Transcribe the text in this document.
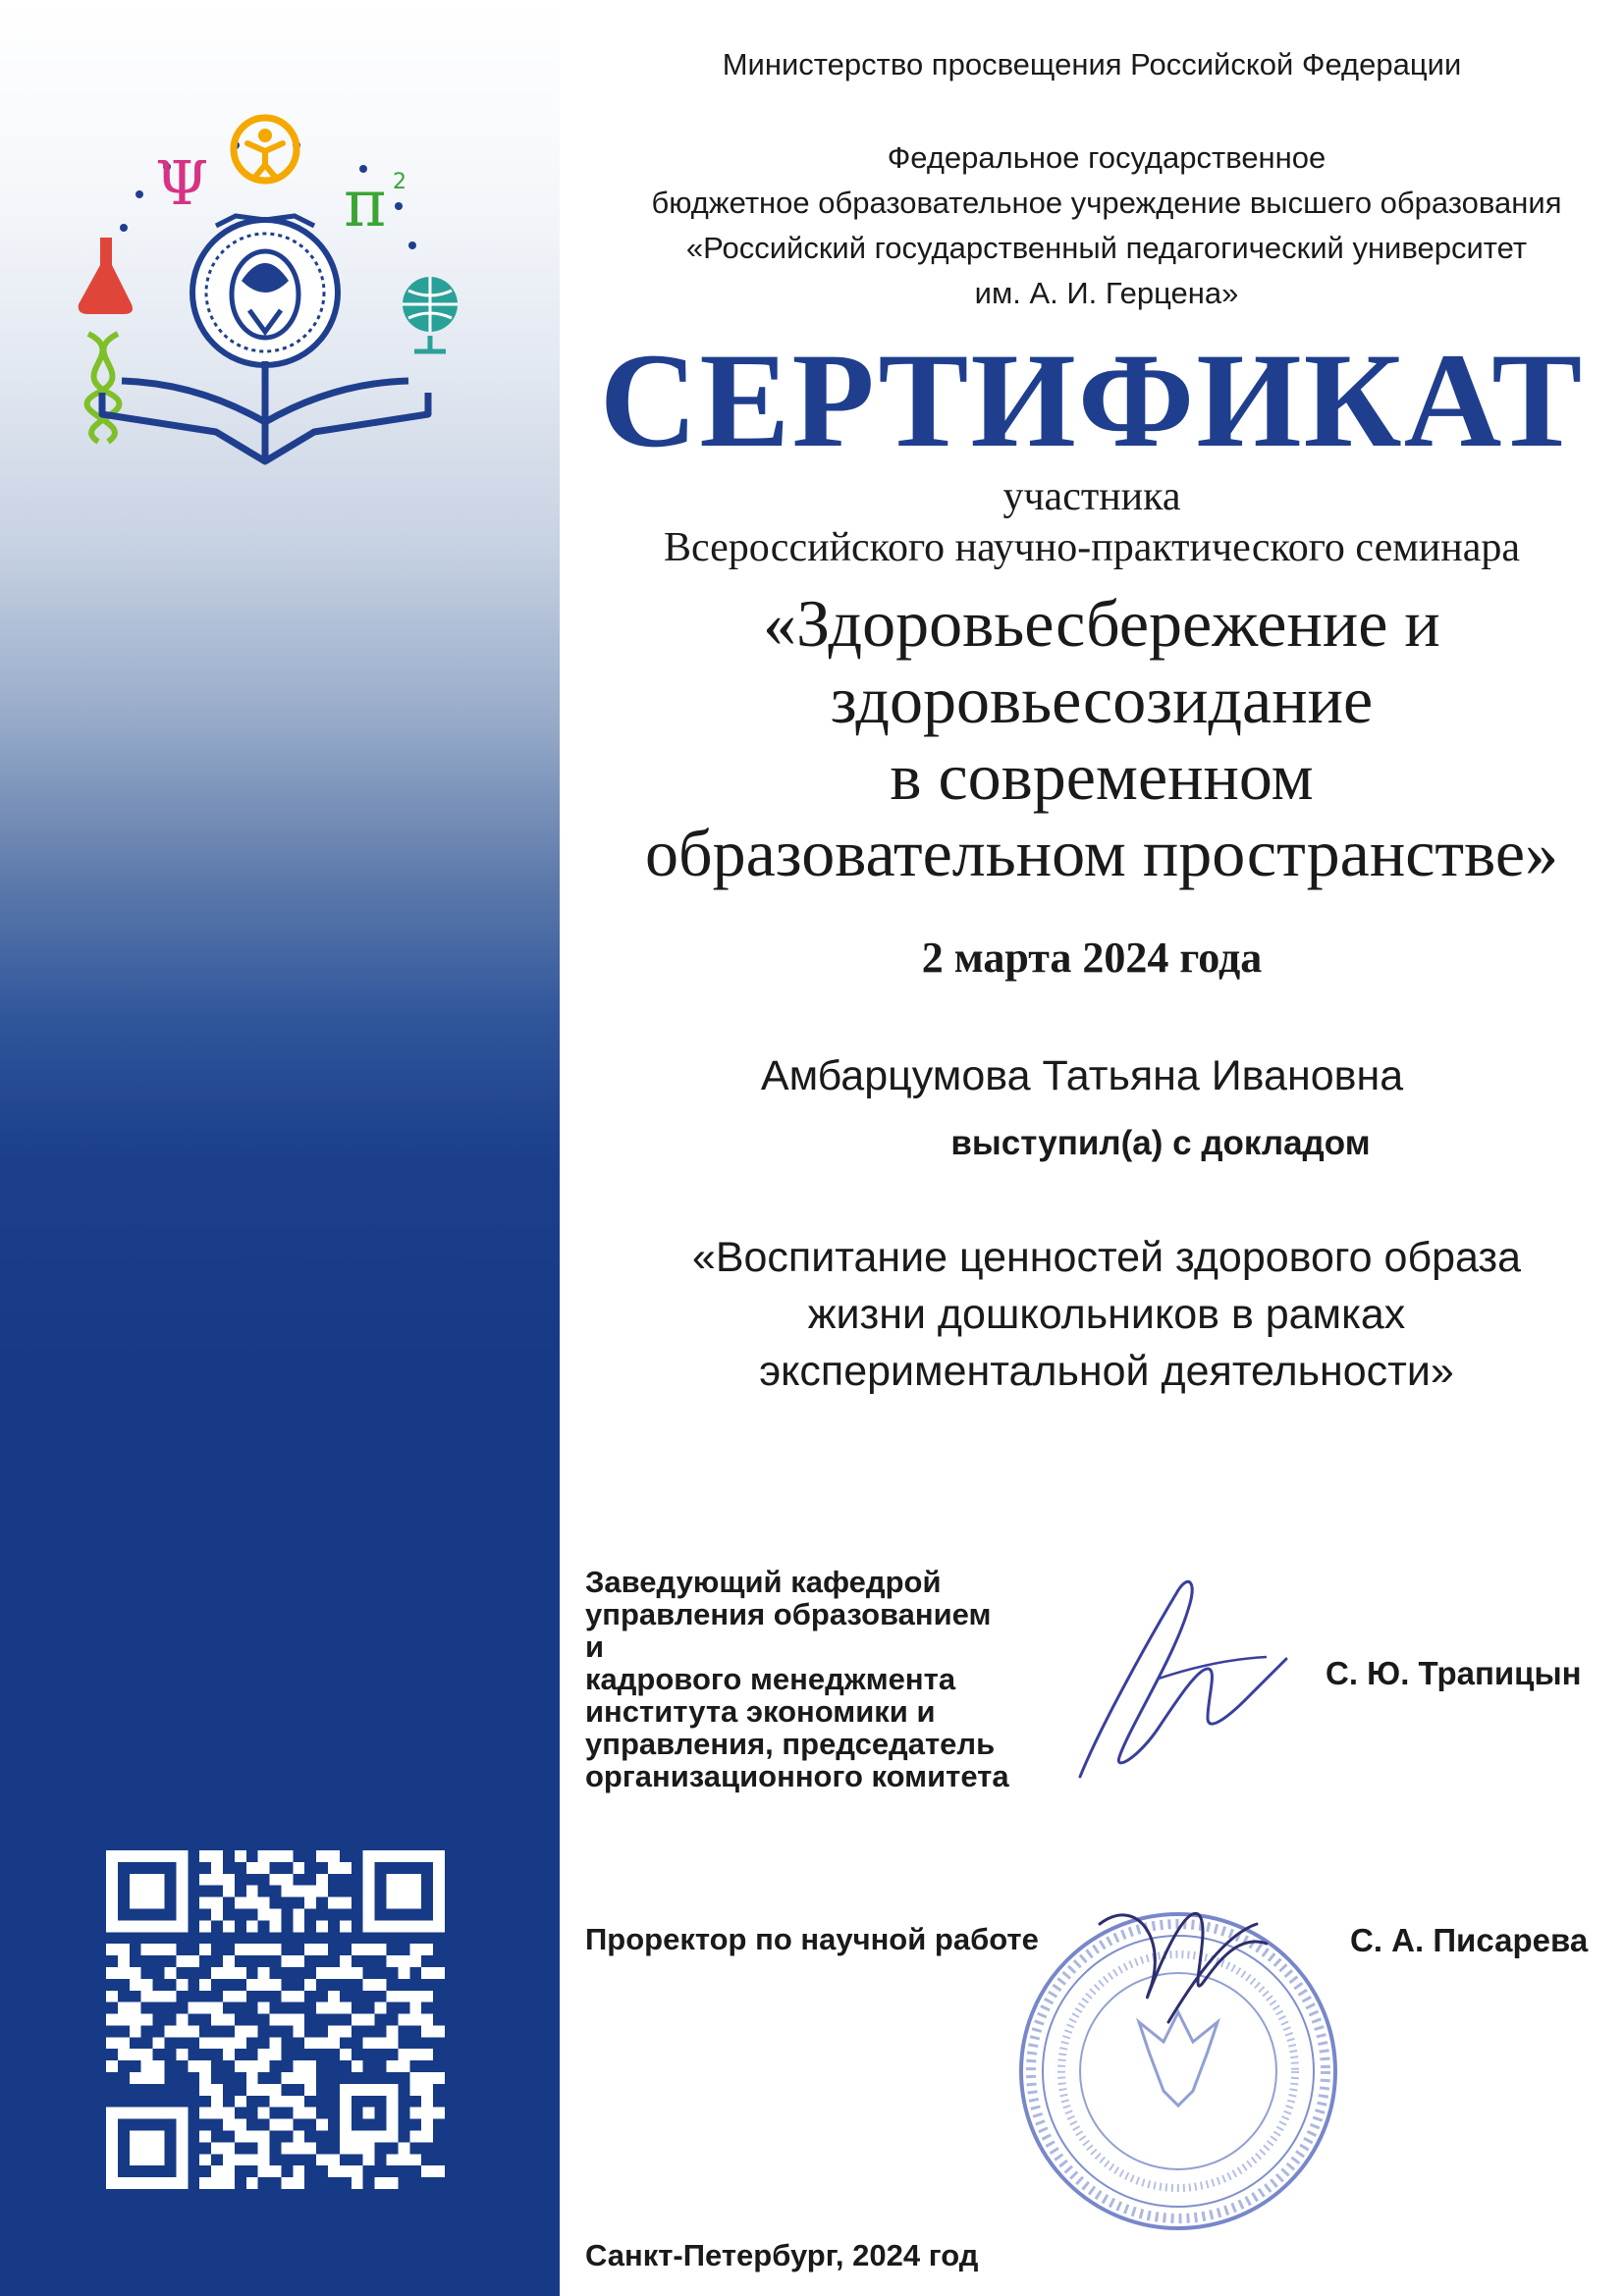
Ψ π 2
Министерство просвещения Российской Федерации
Федеральное государственное
бюджетное образовательное учреждение высшего образования
«Российский государственный педагогический университет
им. А. И. Герцена»
СЕРТИФИКАТ
участника
Всероссийского научно-практического семинара
«Здоровьесбережение и
здоровьесозидание
в современном
образовательном пространстве»
2 марта 2024 года
Амбарцумова Татьяна Ивановна
выступил(а) с докладом
«Воспитание ценностей здорового образа
жизни дошкольников в рамках
экспериментальной деятельности»
Заведующий кафедрой
управления образованием и
кадрового менеджмента
института экономики и
управления, председатель
организационного комитета
С. Ю. Трапицын
Проректор по научной работе	С. А. Писарева
Санкт-Петербург, 2024 год
